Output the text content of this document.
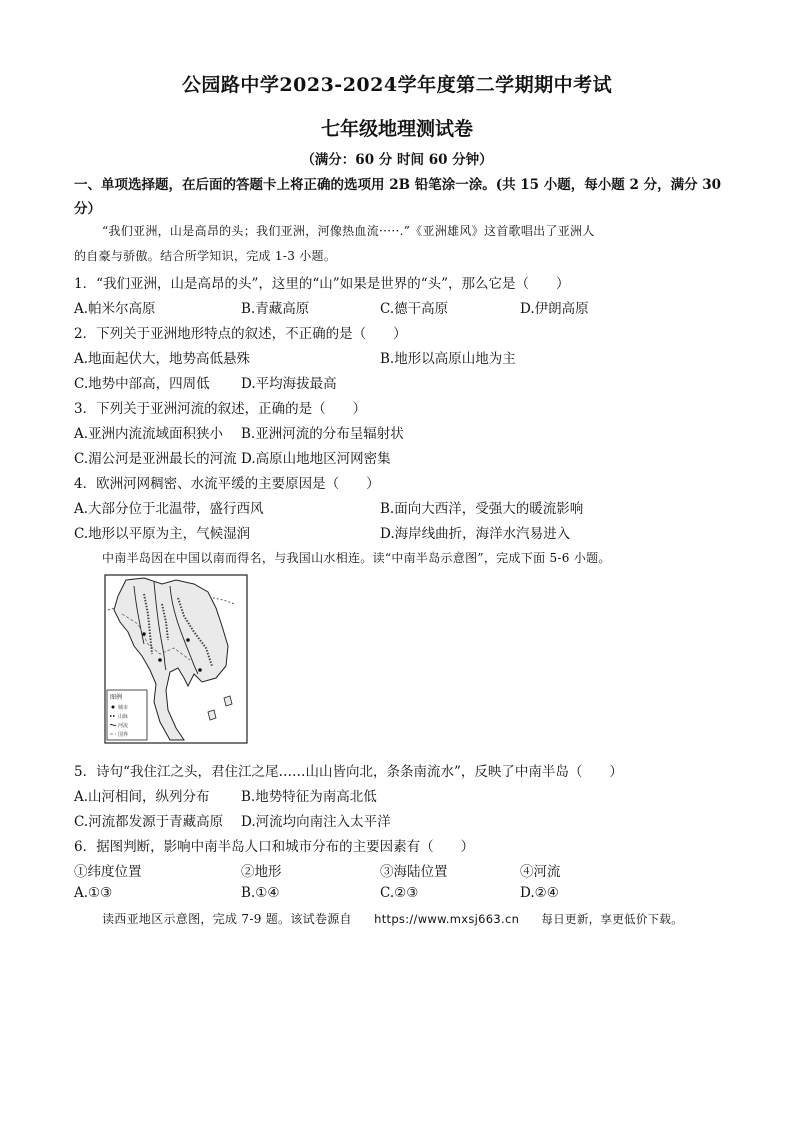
公园路中学2023-2024学年度第二学期期中考试
七年级地理测试卷
（满分：60 分 时间 60 分钟）
一、单项选择题，在后面的答题卡上将正确的选项用 2B 铅笔涂一涂。(共 15 小题，每小题 2 分，满分 30 分）
“我们亚洲，山是高昂的头；我们亚洲，河像热血流·····.”《亚洲雄风》这首歌唱出了亚洲人
的自豪与骄傲。结合所学知识，完成 1-3 小题。
1．“我们亚洲，山是高昂的头”，这里的“山”如果是世界的“头”，那么它是（　　）
A.帕米尔高原	B.青藏高原	C.德干高原	D.伊朗高原
2．下列关于亚洲地形特点的叙述，不正确的是（　　）
A.地面起伏大，地势高低悬殊	B.地形以高原山地为主
C.地势中部高，四周低 D.平均海拔最高
3．下列关于亚洲河流的叙述，正确的是（　　）
A.亚洲内流流域面积狭小 B.亚洲河流的分布呈辐射状
C.湄公河是亚洲最长的河流 D.高原山地地区河网密集
4．欧洲河网稠密、水流平缓的主要原因是（　　）
A.大部分位于北温带，盛行西风	B.面向大西洋，受强大的暖流影响
C.地形以平原为主，气候湿润	D.海岸线曲折，海洋水汽易进入
中南半岛因在中国以南而得名，与我国山水相连。读“中南半岛示意图”，完成下面 5-6 小题。
图例
城市
山脉
河流
国界
5．诗句“我住江之头，君住江之尾……山山皆向北，条条南流水”，反映了中南半岛（　　）
A.山河相间，纵列分布 B.地势特征为南高北低
C.河流都发源于青藏高原 D.河流均向南注入太平洋
6．据图判断，影响中南半岛人口和城市分布的主要因素有（　　）
①纬度位置	②地形	③海陆位置	④河流
A.①③	B.①④	C.②③	D.②④
读西亚地区示意图，完成 7-9 题。该试卷源自 https://www.mxsj663.cn 每日更新，享更低价下载。
